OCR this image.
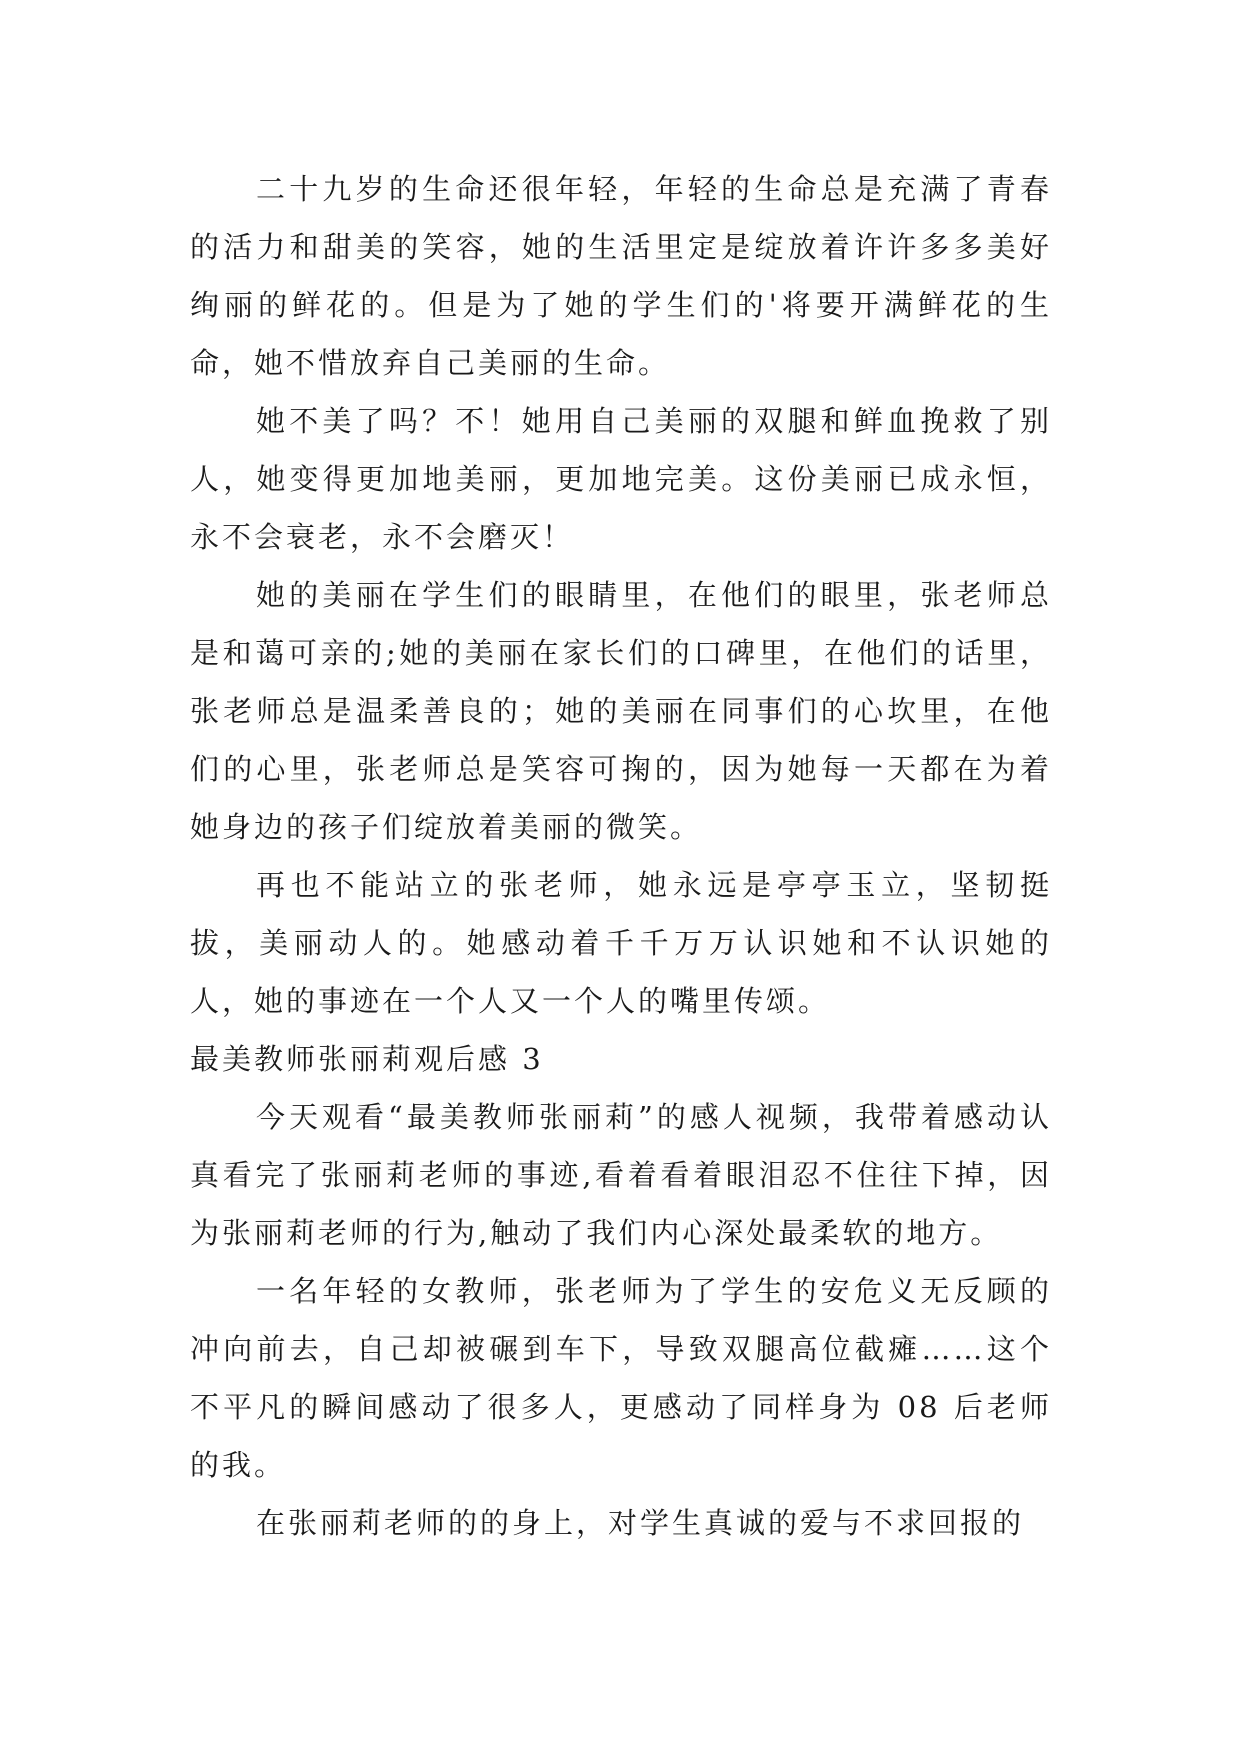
二十九岁的生命还很年轻，年轻的生命总是充满了青春的活力和甜美的笑容，她的生活里定是绽放着许许多多美好绚丽的鲜花的。但是为了她的学生们的'将要开满鲜花的生命，她不惜放弃自己美丽的生命。

她不美了吗？不！她用自己美丽的双腿和鲜血挽救了别人，她变得更加地美丽，更加地完美。这份美丽已成永恒，永不会衰老，永不会磨灭！

她的美丽在学生们的眼睛里，在他们的眼里，张老师总是和蔼可亲的;她的美丽在家长们的口碑里，在他们的话里，张老师总是温柔善良的；她的美丽在同事们的心坎里，在他们的心里，张老师总是笑容可掬的，因为她每一天都在为着她身边的孩子们绽放着美丽的微笑。

再也不能站立的张老师，她永远是亭亭玉立，坚韧挺拔，美丽动人的。她感动着千千万万认识她和不认识她的人，她的事迹在一个人又一个人的嘴里传颂。

最美教师张丽莉观后感 3

今天观看“最美教师张丽莉”的感人视频，我带着感动认真看完了张丽莉老师的事迹,看着看着眼泪忍不住往下掉，因为张丽莉老师的行为,触动了我们内心深处最柔软的地方。

一名年轻的女教师，张老师为了学生的安危义无反顾的冲向前去，自己却被碾到车下，导致双腿高位截瘫……这个不平凡的瞬间感动了很多人，更感动了同样身为 08 后老师的我。

在张丽莉老师的的身上，对学生真诚的爱与不求回报的
